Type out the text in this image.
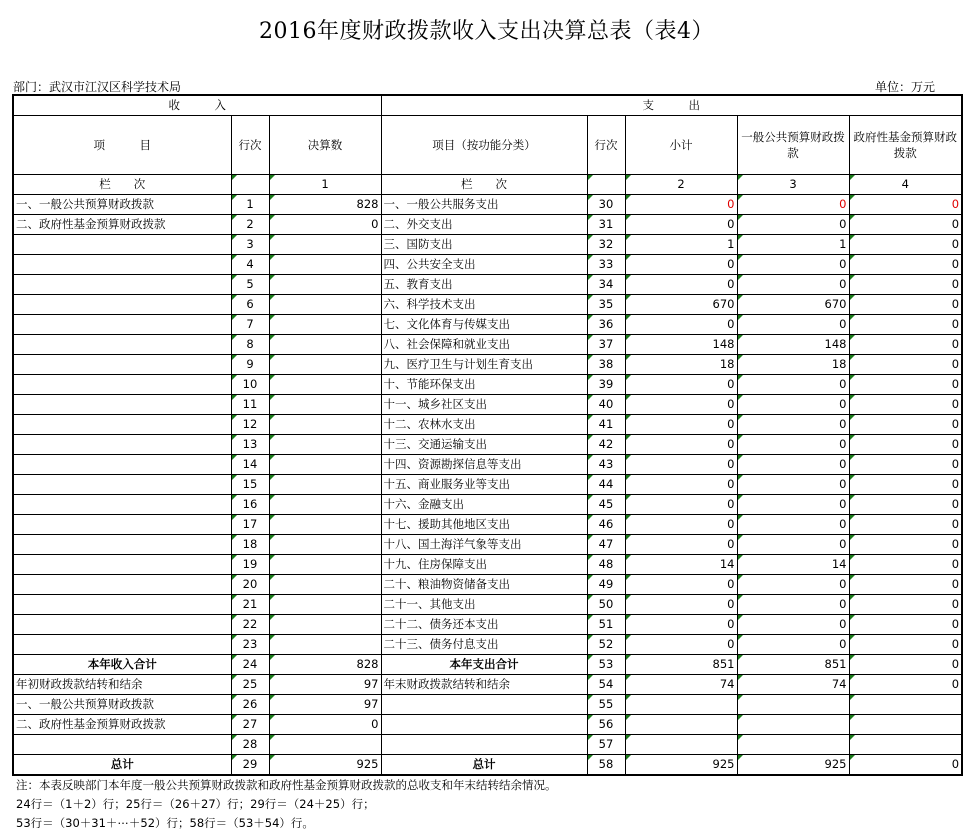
2016年度财政拨款收入支出决算总表（表4）
部门：武汉市江汉区科学技术局	单位：万元
收　　　入			支　　　出				
项　　　目	行次	决算数	项目（按功能分类）	行次	小计	一般公共预算财政拨款	政府性基金预算财政拨款
栏　　次		1	栏　　次		2	3	4
一、一般公共预算财政拨款	1	828	一、一般公共服务支出	30	0	0	0
二、政府性基金预算财政拨款	2	0	二、外交支出	31	0	0	0
	3		三、国防支出	32	1	1	0
	4		四、公共安全支出	33	0	0	0
	5		五、教育支出	34	0	0	0
	6		六、科学技术支出	35	670	670	0
	7		七、文化体育与传媒支出	36	0	0	0
	8		八、社会保障和就业支出	37	148	148	0
	9		九、医疗卫生与计划生育支出	38	18	18	0
	10		十、节能环保支出	39	0	0	0
	11		十一、城乡社区支出	40	0	0	0
	12		十二、农林水支出	41	0	0	0
	13		十三、交通运输支出	42	0	0	0
	14		十四、资源勘探信息等支出	43	0	0	0
	15		十五、商业服务业等支出	44	0	0	0
	16		十六、金融支出	45	0	0	0
	17		十七、援助其他地区支出	46	0	0	0
	18		十八、国土海洋气象等支出	47	0	0	0
	19		十九、住房保障支出	48	14	14	0
	20		二十、粮油物资储备支出	49	0	0	0
	21		二十一、其他支出	50	0	0	0
	22		二十二、债务还本支出	51	0	0	0
	23		二十三、债务付息支出	52	0	0	0
本年收入合计	24	828	本年支出合计	53	851	851	0
年初财政拨款结转和结余	25	97	年末财政拨款结转和结余	54	74	74	0
一、一般公共预算财政拨款	26	97		55			
二、政府性基金预算财政拨款	27	0		56			
	28			57			
总计	29	925	总计	58	925	925	0
注：本表反映部门本年度一般公共预算财政拨款和政府性基金预算财政拨款的总收支和年末结转结余情况。
24行＝（1＋2）行；25行＝（26＋27）行；29行＝（24＋25）行；
53行＝（30＋31＋⋯＋52）行；58行＝（53＋54）行。
